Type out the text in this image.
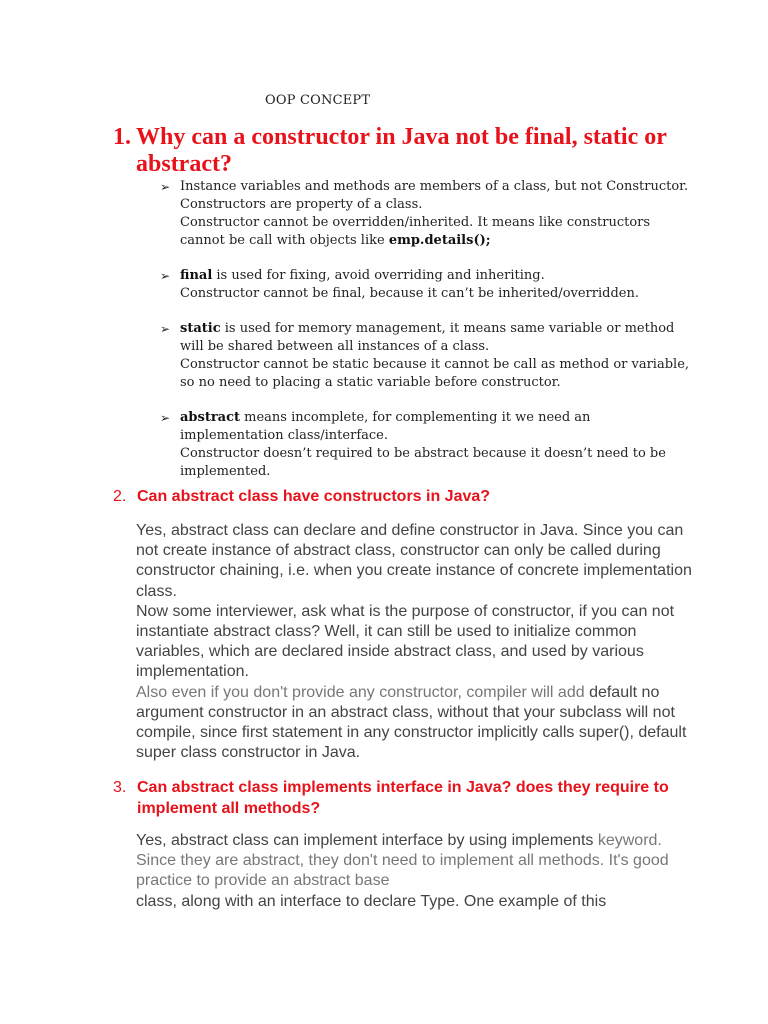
OOP CONCEPT
1. Why can a constructor in Java not be final, static or abstract?
➢ Instance variables and methods are members of a class, but not Constructor. Constructors are property of a class.

Constructor cannot be overridden/inherited. It means like constructors cannot be call with objects like emp.details();

➢ final is used for fixing, avoid overriding and inheriting.

Constructor cannot be final, because it can’t be inherited/overridden.

➢ static is used for memory management, it means same variable or method will be shared between all instances of a class.

Constructor cannot be static because it cannot be call as method or variable, so no need to placing a static variable before constructor.

➢ abstract means incomplete, for complementing it we need an implementation class/interface.

Constructor doesn’t required to be abstract because it doesn’t need to be implemented.

2. Can abstract class have constructors in Java?

Yes, abstract class can declare and define constructor in Java. Since you can not create instance of abstract class, constructor can only be called during constructor chaining, i.e. when you create instance of concrete implementation class.

Now some interviewer, ask what is the purpose of constructor, if you can not instantiate abstract class? Well, it can still be used to initialize common variables, which are declared inside abstract class, and used by various implementation.

Also even if you don't provide any constructor, compiler will add default no argument constructor in an abstract class, without that your subclass will not compile, since first statement in any constructor implicitly calls super(), default super class constructor in Java.

3. Can abstract class implements interface in Java? does they require to implement all methods?

Yes, abstract class can implement interface by using implements keyword. Since they are abstract, they don't need to implement all methods. It's good practice to provide an abstract base

class, along with an interface to declare Type. One example of this
